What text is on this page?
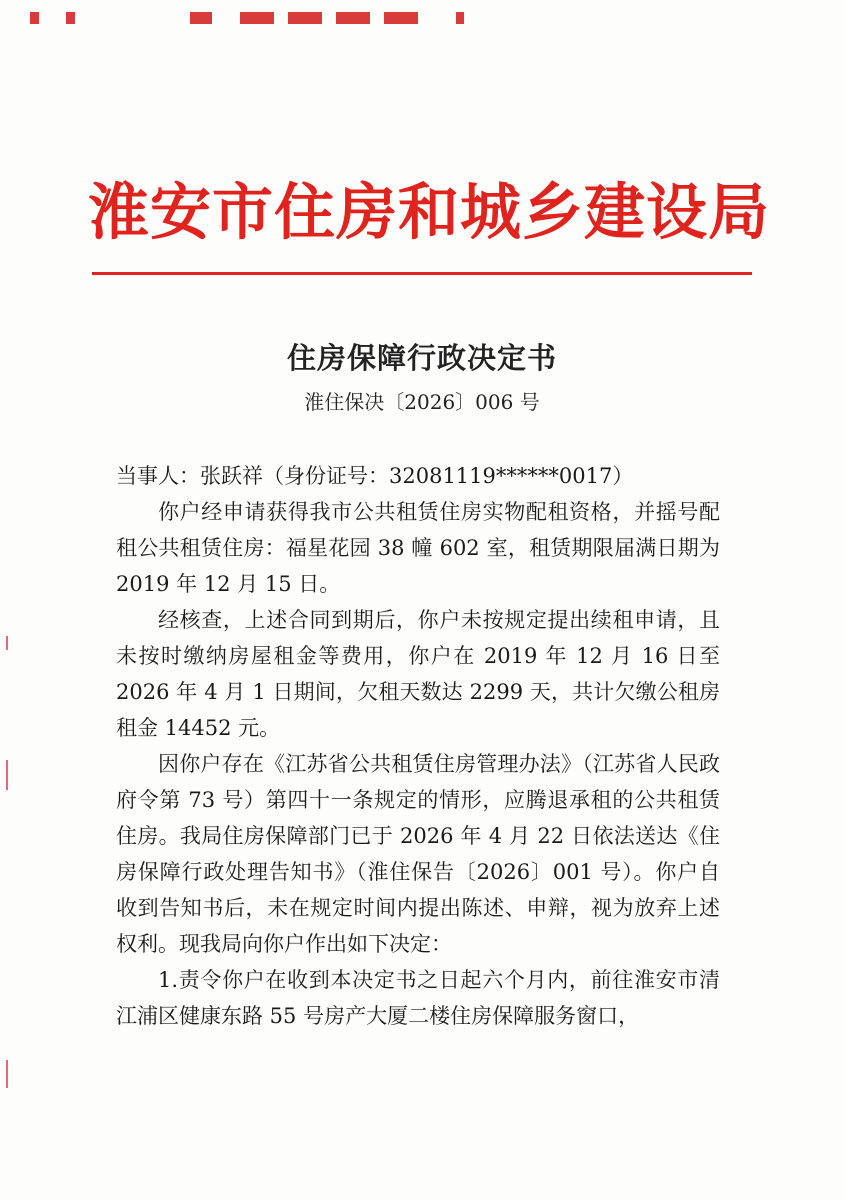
淮安市住房和城乡建设局
住房保障行政决定书
淮住保决〔2026〕006 号

当事人：张跃祥（身份证号：32081119******0017）

你户经申请获得我市公共租赁住房实物配租资格，并摇号配租公共租赁住房：福星花园 38 幢 602 室，租赁期限届满日期为 2019 年 12 月 15 日。

经核查，上述合同到期后，你户未按规定提出续租申请，且未按时缴纳房屋租金等费用，你户在 2019 年 12 月 16 日至 2026 年 4 月 1 日期间，欠租天数达 2299 天，共计欠缴公租房租金 14452 元。

因你户存在《江苏省公共租赁住房管理办法》（江苏省人民政府令第 73 号）第四十一条规定的情形，应腾退承租的公共租赁住房。我局住房保障部门已于 2026 年 4 月 22 日依法送达《住房保障行政处理告知书》（淮住保告〔2026〕001 号）。你户自收到告知书后，未在规定时间内提出陈述、申辩，视为放弃上述权利。现我局向你户作出如下决定：

1.责令你户在收到本决定书之日起六个月内，前往淮安市清江浦区健康东路 55 号房产大厦二楼住房保障服务窗口，
